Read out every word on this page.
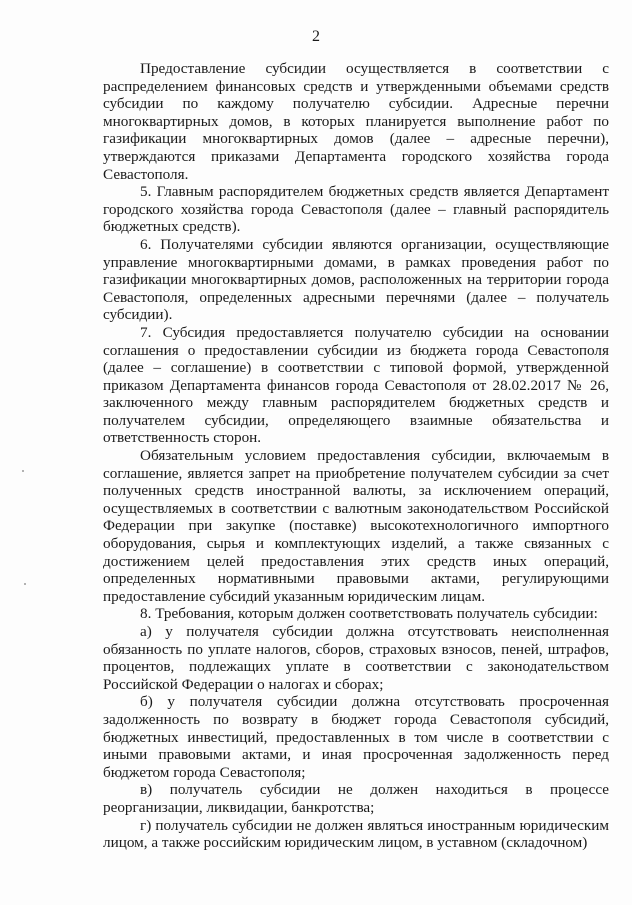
2

Предоставление субсидии осуществляется в соответствии с распределением финансовых средств и утвержденными объемами средств субсидии по каждому получателю субсидии. Адресные перечни многоквартирных домов, в которых планируется выполнение работ по газификации многоквартирных домов (далее – адресные перечни), утверждаются приказами Департамента городского хозяйства города Севастополя.

5. Главным распорядителем бюджетных средств является Департамент городского хозяйства города Севастополя (далее – главный распорядитель бюджетных средств).

6. Получателями субсидии являются организации, осуществляющие управление многоквартирными домами, в рамках проведения работ по газификации многоквартирных домов, расположенных на территории города Севастополя, определенных адресными перечнями (далее – получатель субсидии).

7. Субсидия предоставляется получателю субсидии на основании соглашения о предоставлении субсидии из бюджета города Севастополя (далее – соглашение) в соответствии с типовой формой, утвержденной приказом Департамента финансов города Севастополя от 28.02.2017 № 26, заключенного между главным распорядителем бюджетных средств и получателем субсидии, определяющего взаимные обязательства и ответственность сторон.

Обязательным условием предоставления субсидии, включаемым в соглашение, является запрет на приобретение получателем субсидии за счет полученных средств иностранной валюты, за исключением операций, осуществляемых в соответствии с валютным законодательством Российской Федерации при закупке (поставке) высокотехнологичного импортного оборудования, сырья и комплектующих изделий, а также связанных с достижением целей предоставления этих средств иных операций, определенных нормативными правовыми актами, регулирующими предоставление субсидий указанным юридическим лицам.

8. Требования, которым должен соответствовать получатель субсидии:

а) у получателя субсидии должна отсутствовать неисполненная обязанность по уплате налогов, сборов, страховых взносов, пеней, штрафов, процентов, подлежащих уплате в соответствии с законодательством Российской Федерации о налогах и сборах;

б) у получателя субсидии должна отсутствовать просроченная задолженность по возврату в бюджет города Севастополя субсидий, бюджетных инвестиций, предоставленных в том числе в соответствии с иными правовыми актами, и иная просроченная задолженность перед бюджетом города Севастополя;

в) получатель субсидии не должен находиться в процессе реорганизации, ликвидации, банкротства;

г) получатель субсидии не должен являться иностранным юридическим лицом, а также российским юридическим лицом, в уставном (складочном)
